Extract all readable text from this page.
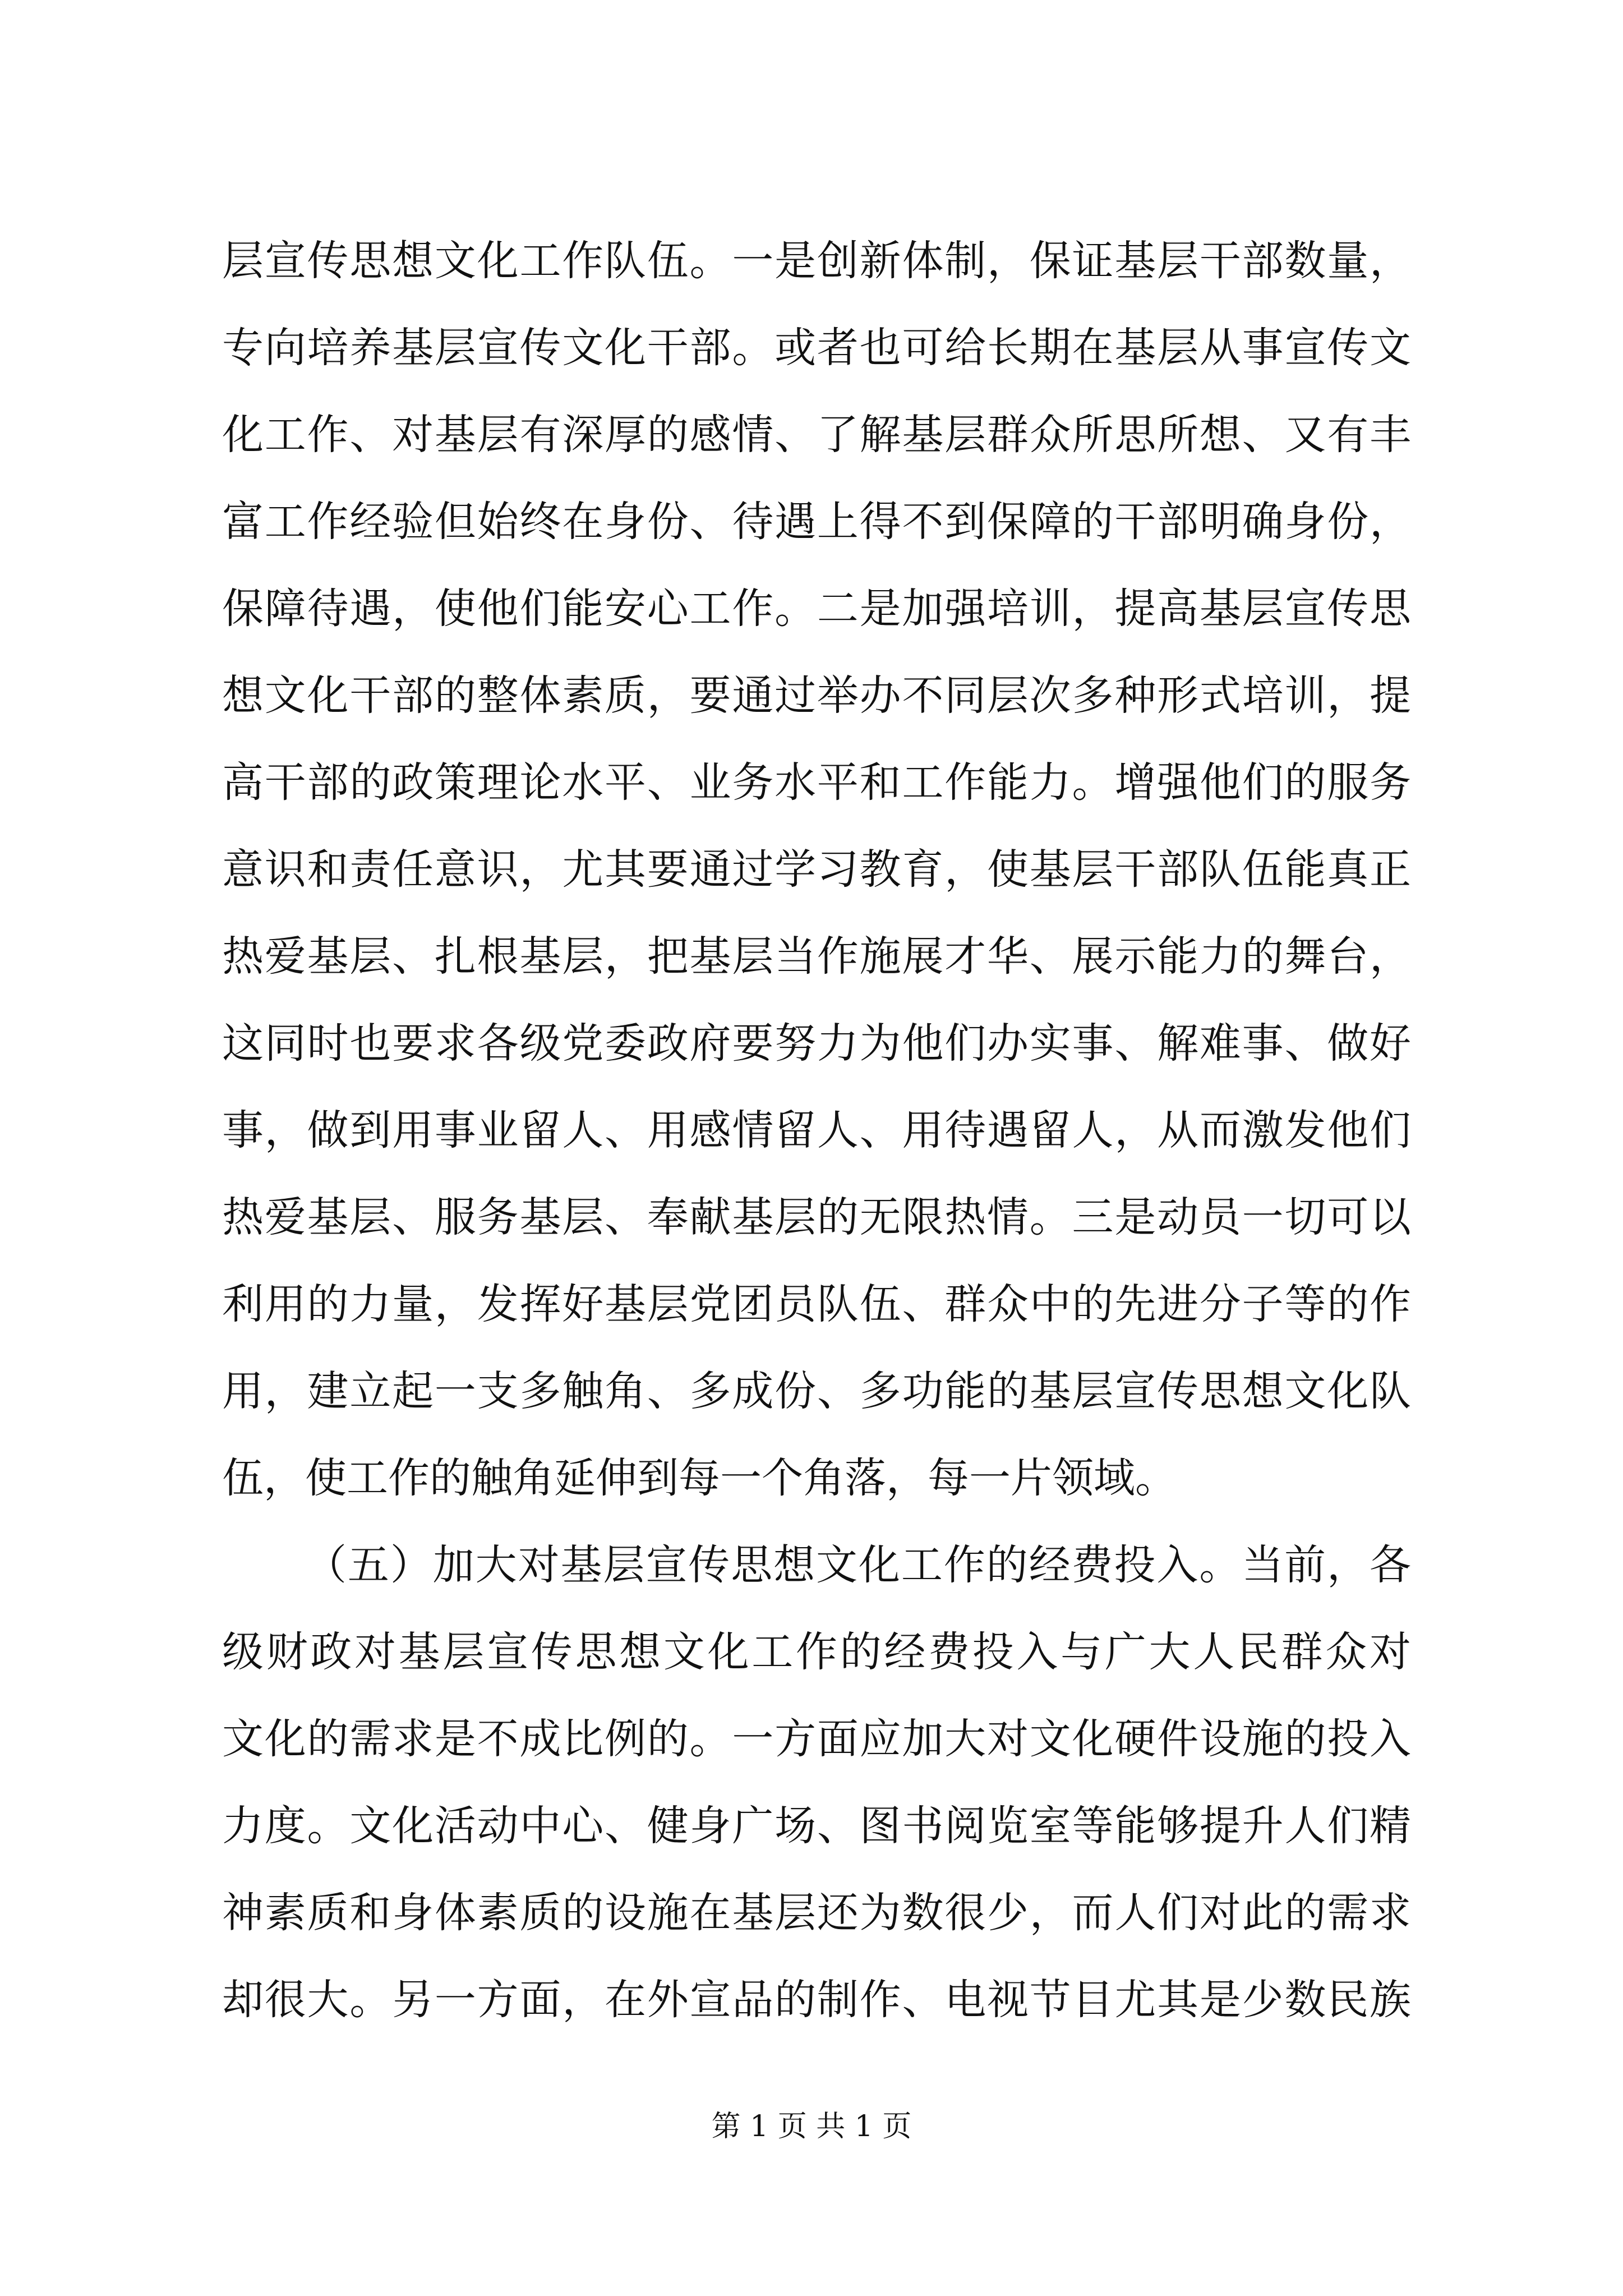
层宣传思想文化工作队伍。一是创新体制，保证基层干部数量，
专向培养基层宣传文化干部。或者也可给长期在基层从事宣传文
化工作、对基层有深厚的感情、了解基层群众所思所想、又有丰
富工作经验但始终在身份、待遇上得不到保障的干部明确身份，
保障待遇，使他们能安心工作。二是加强培训，提高基层宣传思
想文化干部的整体素质，要通过举办不同层次多种形式培训，提
高干部的政策理论水平、业务水平和工作能力。增强他们的服务
意识和责任意识，尤其要通过学习教育，使基层干部队伍能真正
热爱基层、扎根基层，把基层当作施展才华、展示能力的舞台，
这同时也要求各级党委政府要努力为他们办实事、解难事、做好
事，做到用事业留人、用感情留人、用待遇留人，从而激发他们
热爱基层、服务基层、奉献基层的无限热情。三是动员一切可以
利用的力量，发挥好基层党团员队伍、群众中的先进分子等的作
用，建立起一支多触角、多成份、多功能的基层宣传思想文化队
伍，使工作的触角延伸到每一个角落，每一片领域。
（五）加大对基层宣传思想文化工作的经费投入。当前，各
级财政对基层宣传思想文化工作的经费投入与广大人民群众对
文化的需求是不成比例的。一方面应加大对文化硬件设施的投入
力度。文化活动中心、健身广场、图书阅览室等能够提升人们精
神素质和身体素质的设施在基层还为数很少，而人们对此的需求
却很大。另一方面，在外宣品的制作、电视节目尤其是少数民族
第 1 页 共 1 页
